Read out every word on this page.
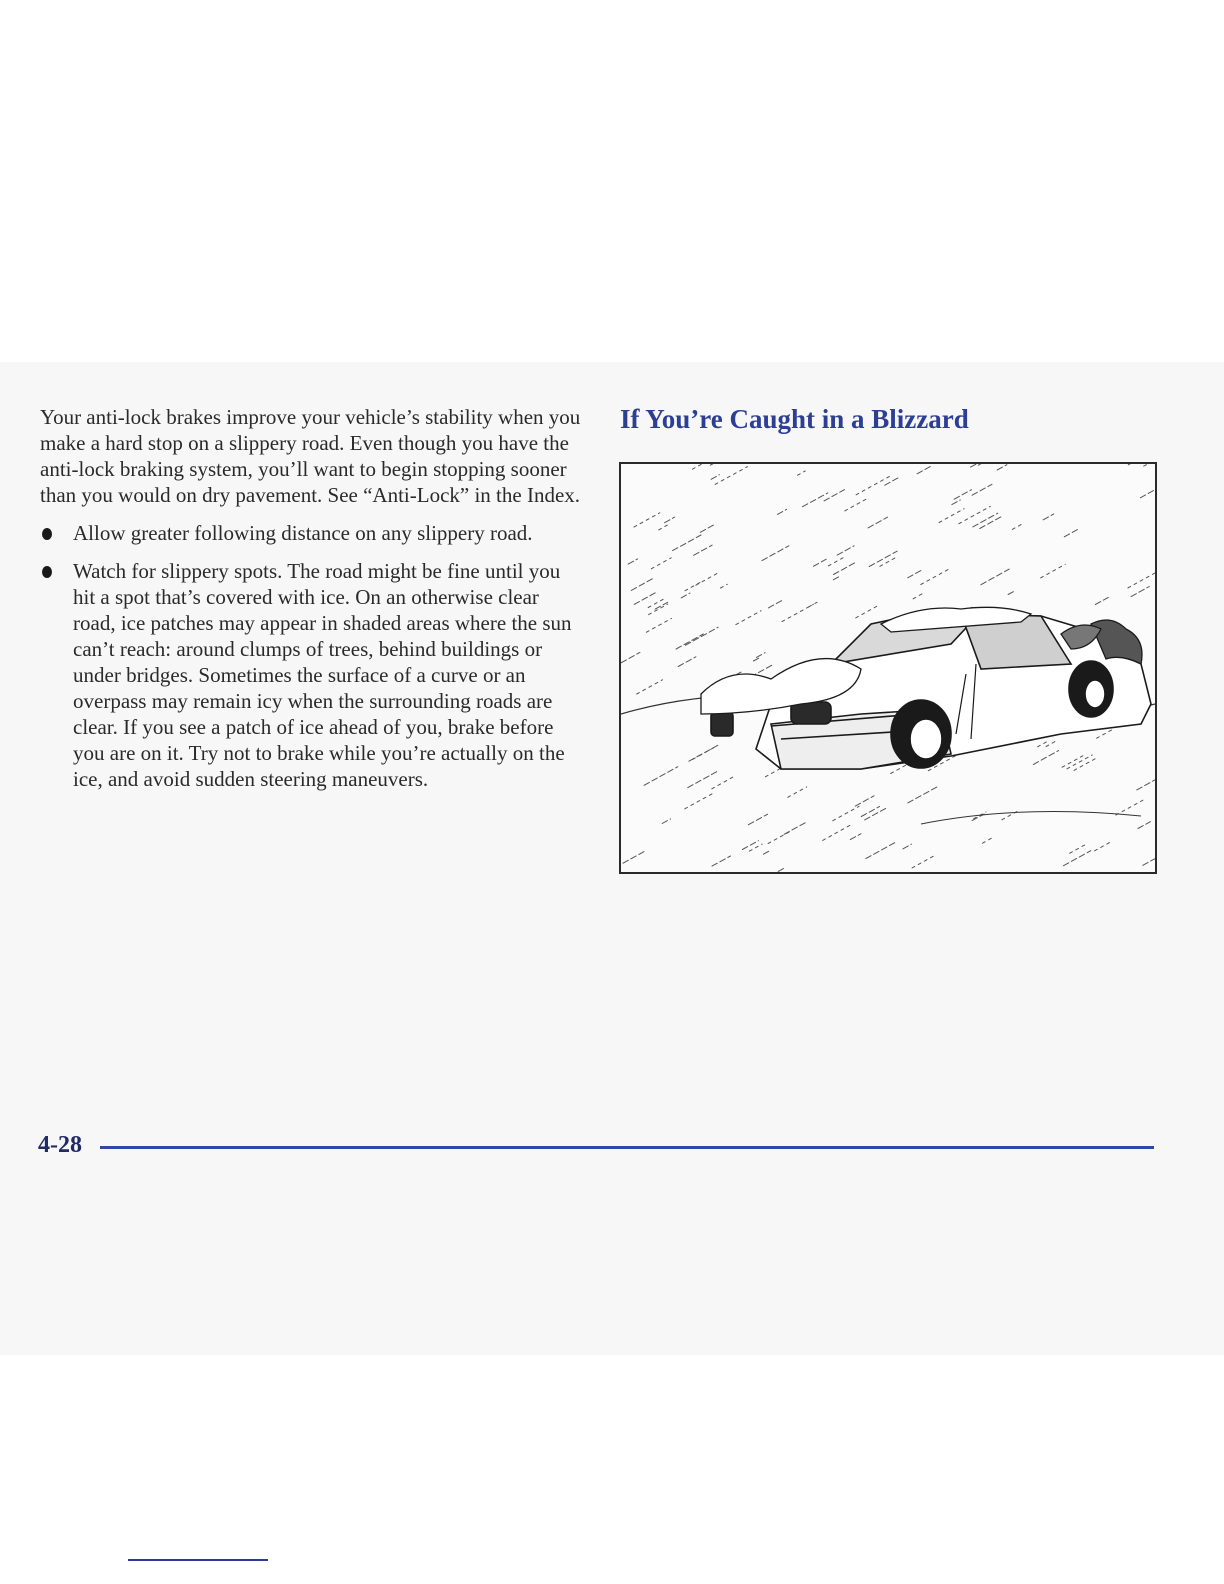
Your anti-lock brakes improve your vehicle’s stability when you make a hard stop on a slippery road. Even though you have the anti-lock braking system, you’ll want to begin stopping sooner than you would on dry pavement. See “Anti-Lock” in the Index.

Allow greater following distance on any slippery road.
Watch for slippery spots. The road might be fine until you hit a spot that’s covered with ice. On an otherwise clear road, ice patches may appear in shaded areas where the sun can’t reach: around clumps of trees, behind buildings or under bridges. Sometimes the surface of a curve or an overpass may remain icy when the surrounding roads are clear. If you see a patch of ice ahead of you, brake before you are on it. Try not to brake while you’re actually on the ice, and avoid sudden steering maneuvers.
If You’re Caught in a Blizzard

4-28
